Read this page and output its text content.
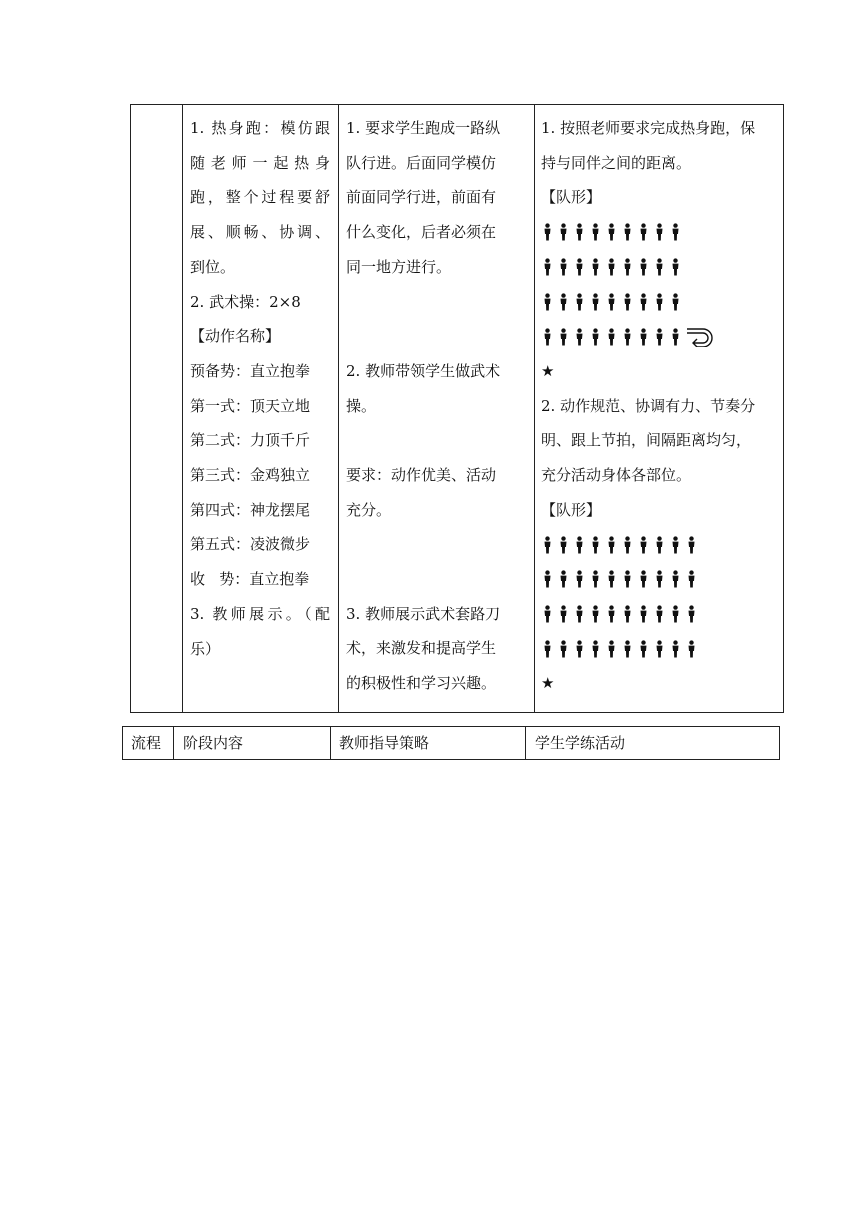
1. 热身跑：模仿跟

随 老 师 一 起 热 身

跑，整个过程要舒

展、顺畅、协调、

到位。

2. 武术操：2×8

【动作名称】

预备势：直立抱拳

第一式：顶天立地

第二式：力顶千斤

第三式：金鸡独立

第四式：神龙摆尾

第五式：凌波微步

收   势：直立抱拳

3. 教师展示。（配

乐）

1. 要求学生跑成一路纵

队行进。后面同学模仿

前面同学行进，前面有

什么变化，后者必须在

同一地方进行。

2. 教师带领学生做武术

操。

要求：动作优美、活动

充分。

3. 教师展示武术套路刀

术，来激发和提高学生

的积极性和学习兴趣。

1. 按照老师要求完成热身跑，保

持与同伴之间的距离。

【队形】

★

2. 动作规范、协调有力、节奏分

明、跟上节拍，间隔距离均匀，

充分活动身体各部位。

【队形】

★

流程 阶段内容	教师指导策略	学生学练活动
